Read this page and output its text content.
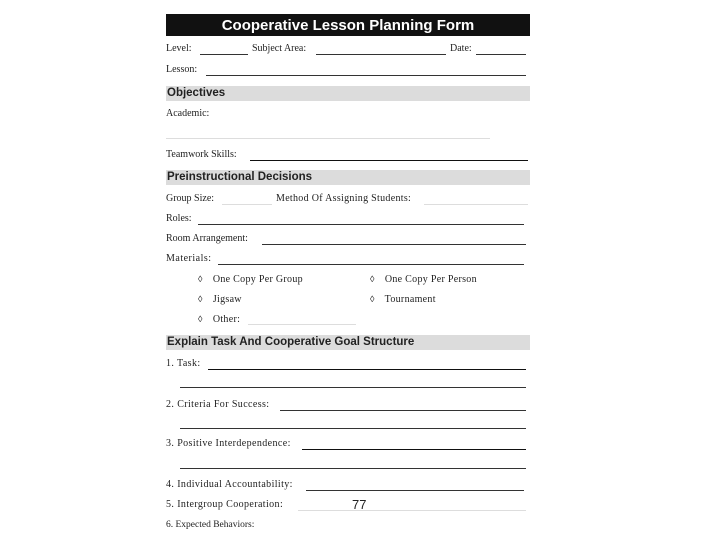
Cooperative Lesson Planning Form
Level:	Subject Area:	Date:
Lesson:
Objectives
Academic:
Teamwork Skills:
Preinstructional Decisions
Group Size:	Method Of Assigning Students:
Roles:
Room Arrangement:
Materials:
◊ One Copy Per Group	◊ One Copy Per Person
◊ Jigsaw	◊ Tournament
◊ Other:
Explain Task And Cooperative Goal Structure
1. Task:
2. Criteria For Success:
3. Positive Interdependence:
4. Individual Accountability:
5. Intergroup Cooperation:
6. Expected Behaviors:
77
